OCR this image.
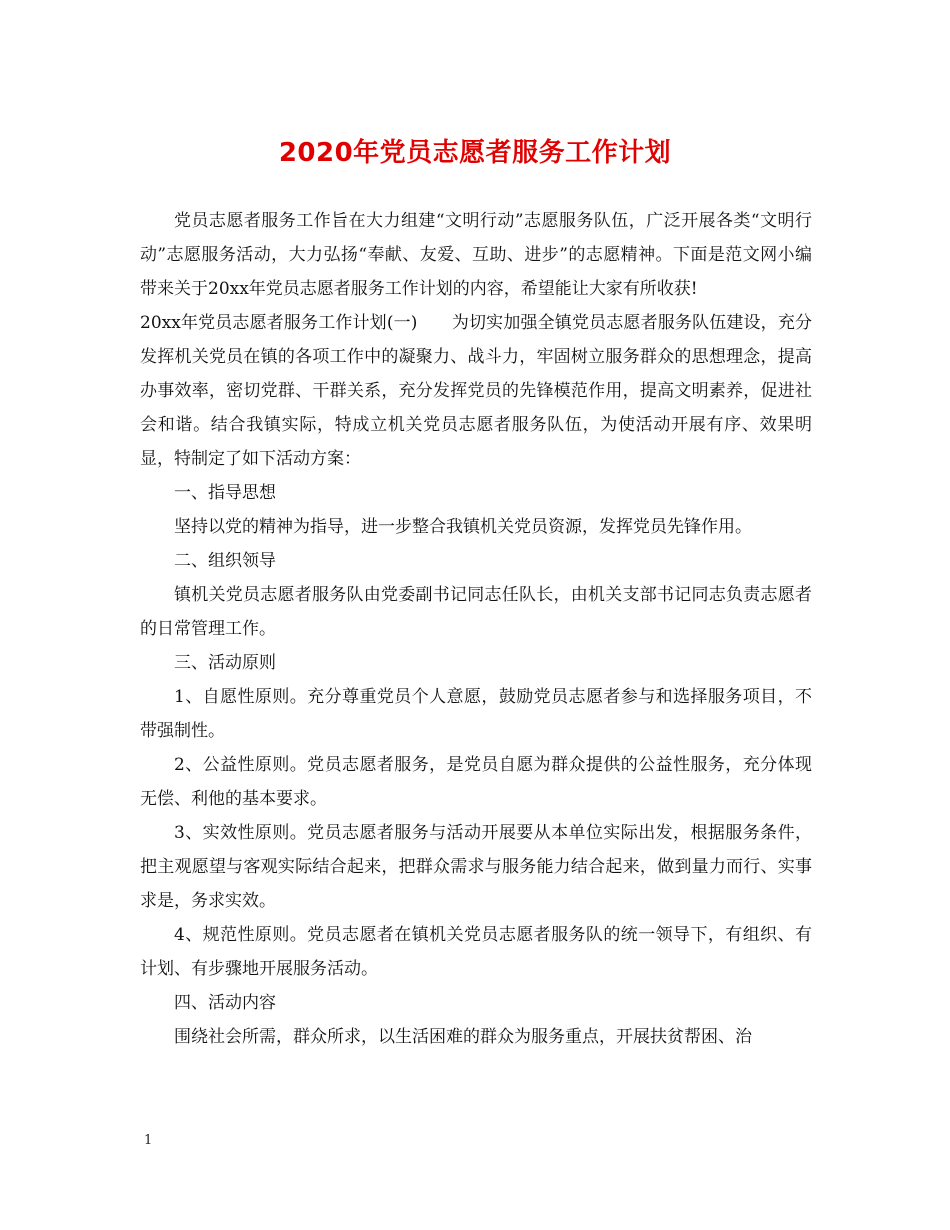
2020年党员志愿者服务工作计划

党员志愿者服务工作旨在大力组建“文明行动”志愿服务队伍，广泛开展各类“文明行动”志愿服务活动，大力弘扬“奉献、友爱、互助、进步”的志愿精神。下面是范文网小编带来关于20xx年党员志愿者服务工作计划的内容，希望能让大家有所收获!

20xx年党员志愿者服务工作计划(一)　　为切实加强全镇党员志愿者服务队伍建设，充分发挥机关党员在镇的各项工作中的凝聚力、战斗力，牢固树立服务群众的思想理念，提高办事效率，密切党群、干群关系，充分发挥党员的先锋模范作用，提高文明素养，促进社会和谐。结合我镇实际，特成立机关党员志愿者服务队伍，为使活动开展有序、效果明显，特制定了如下活动方案：

一、指导思想

坚持以党的精神为指导，进一步整合我镇机关党员资源，发挥党员先锋作用。

二、组织领导

镇机关党员志愿者服务队由党委副书记同志任队长，由机关支部书记同志负责志愿者的日常管理工作。

三、活动原则

1、自愿性原则。充分尊重党员个人意愿，鼓励党员志愿者参与和选择服务项目，不带强制性。

2、公益性原则。党员志愿者服务，是党员自愿为群众提供的公益性服务，充分体现无偿、利他的基本要求。

3、实效性原则。党员志愿者服务与活动开展要从本单位实际出发，根据服务条件，把主观愿望与客观实际结合起来，把群众需求与服务能力结合起来，做到量力而行、实事求是，务求实效。

4、规范性原则。党员志愿者在镇机关党员志愿者服务队的统一领导下，有组织、有计划、有步骤地开展服务活动。

四、活动内容

围绕社会所需，群众所求，以生活困难的群众为服务重点，开展扶贫帮困、治

1
